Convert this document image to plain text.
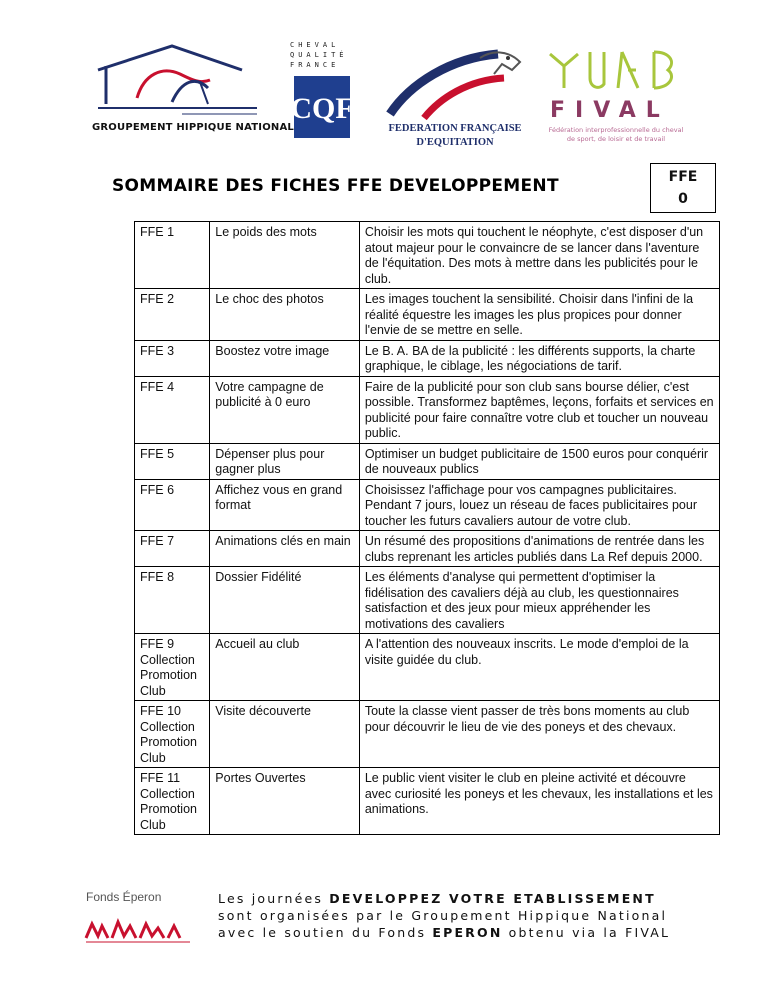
GROUPEMENT HIPPIQUE NATIONAL
CHEVAL
QUALITÉ
FRANCE
CQF
FEDERATION FRANÇAISE
D'EQUITATION
FIVAL
Fédération interprofessionnelle du cheval
de sport, de loisir et de travail
SOMMAIRE DES FICHES FFE DEVELOPPEMENT	FFE
0
FFE 1	Le poids des mots	Choisir les mots qui touchent le néophyte, c'est disposer d'un atout majeur pour le convaincre de se lancer dans l'aventure de l'équitation. Des mots à mettre dans les publicités pour le club.
FFE 2	Le choc des photos	Les images touchent la sensibilité. Choisir dans l'infini de la réalité équestre les images les plus propices pour donner l'envie de se mettre en selle.
FFE 3	Boostez votre image	Le B. A. BA de la publicité : les différents supports, la charte graphique, le ciblage, les négociations de tarif.
FFE 4	Votre campagne de publicité à 0 euro	Faire de la publicité pour son club sans bourse délier, c'est possible. Transformez baptêmes, leçons, forfaits et services en publicité pour faire connaître votre club et toucher un nouveau public.
FFE 5	Dépenser plus pour gagner plus	Optimiser un budget publicitaire de 1500 euros pour conquérir de nouveaux publics
FFE 6	Affichez vous en grand format	Choisissez l'affichage pour vos campagnes publicitaires. Pendant 7 jours, louez un réseau de faces publicitaires pour toucher les futurs cavaliers autour de votre club.
FFE 7	Animations clés en main	Un résumé des propositions d'animations de rentrée dans les clubs reprenant les articles publiés dans La Ref depuis 2000.
FFE 8	Dossier Fidélité	Les éléments d'analyse qui permettent d'optimiser la fidélisation des cavaliers déjà au club, les questionnaires satisfaction et des jeux pour mieux appréhender les motivations des cavaliers
FFE 9 Collection Promotion Club	Accueil au club	A l'attention des nouveaux inscrits. Le mode d'emploi de la visite guidée du club.
FFE 10 Collection Promotion Club	Visite découverte	Toute la classe vient passer de très bons moments au club pour découvrir le lieu de vie des poneys et des chevaux.
FFE 11 Collection Promotion Club	Portes Ouvertes	Le public vient visiter le club en pleine activité et découvre avec curiosité les poneys et les chevaux, les installations et les animations.
Fonds Éperon	Les journées DEVELOPPEZ VOTRE ETABLISSEMENT
sont organisées par le Groupement Hippique National
avec le soutien du Fonds EPERON obtenu via la FIVAL
